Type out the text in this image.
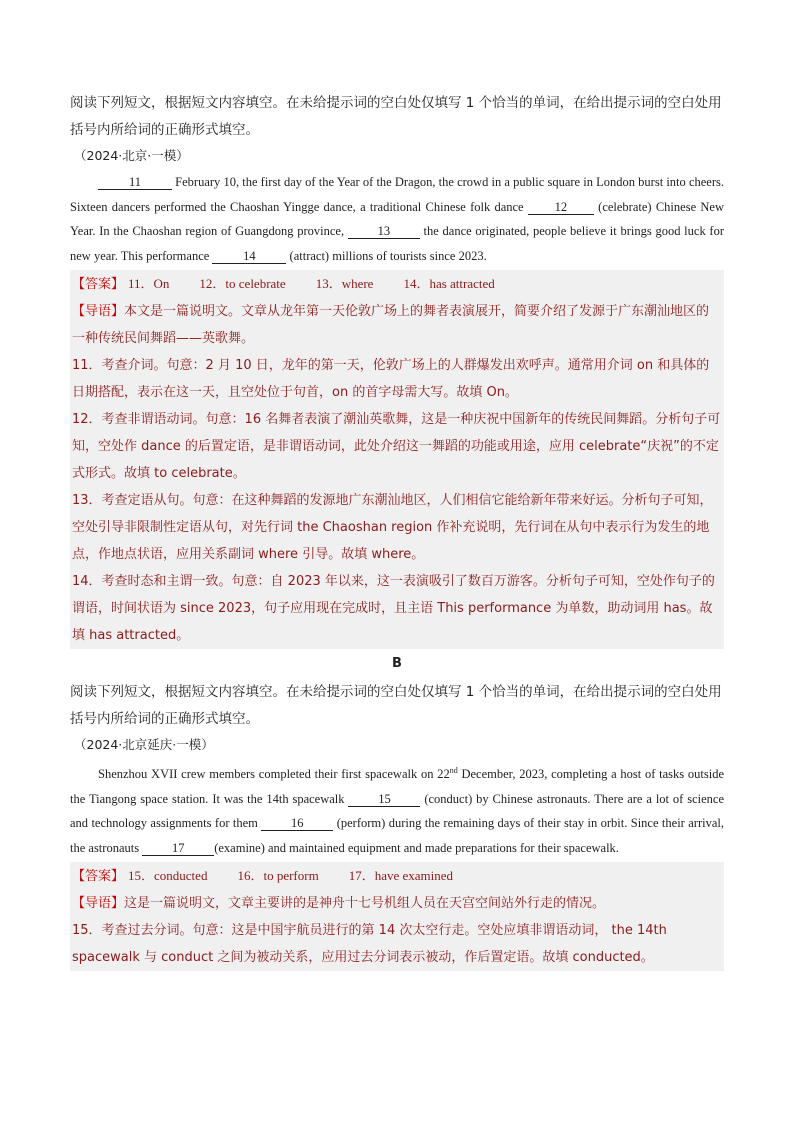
阅读下列短文，根据短文内容填空。在未给提示词的空白处仅填写 1 个恰当的单词，在给出提示词的空白处用括号内所给词的正确形式填空。

（2024·北京·一模）

11 February 10, the first day of the Year of the Dragon, the crowd in a public square in London burst into cheers. Sixteen dancers performed the Chaoshan Yingge dance, a traditional Chinese folk dance 12 (celebrate) Chinese New Year. In the Chaoshan region of Guangdong province, 13 the dance originated, people believe it brings good luck for new year. This performance 14 (attract) millions of tourists since 2023.

【答案】 11．On 12．to celebrate 13．where 14．has attracted

【导语】本文是一篇说明文。文章从龙年第一天伦敦广场上的舞者表演展开，简要介绍了发源于广东潮汕地区的一种传统民间舞蹈——英歌舞。

11．考查介词。句意：2 月 10 日，龙年的第一天，伦敦广场上的人群爆发出欢呼声。通常用介词 on 和具体的日期搭配，表示在这一天，且空处位于句首，on 的首字母需大写。故填 On。

12．考查非谓语动词。句意：16 名舞者表演了潮汕英歌舞，这是一种庆祝中国新年的传统民间舞蹈。分析句子可知，空处作 dance 的后置定语，是非谓语动词，此处介绍这一舞蹈的功能或用途，应用 celebrate“庆祝”的不定式形式。故填 to celebrate。

13．考查定语从句。句意：在这种舞蹈的发源地广东潮汕地区，人们相信它能给新年带来好运。分析句子可知，空处引导非限制性定语从句，对先行词 the Chaoshan region 作补充说明，先行词在从句中表示行为发生的地点，作地点状语，应用关系副词 where 引导。故填 where。

14．考查时态和主谓一致。句意：自 2023 年以来，这一表演吸引了数百万游客。分析句子可知，空处作句子的谓语，时间状语为 since 2023，句子应用现在完成时，且主语 This performance 为单数，助动词用 has。故填 has attracted。

B

阅读下列短文，根据短文内容填空。在未给提示词的空白处仅填写 1 个恰当的单词，在给出提示词的空白处用括号内所给词的正确形式填空。

（2024·北京延庆·一模）

Shenzhou XVII crew members completed their first spacewalk on 22nd December, 2023, completing a host of tasks outside the Tiangong space station. It was the 14th spacewalk 15 (conduct) by Chinese astronauts. There are a lot of science and technology assignments for them 16 (perform) during the remaining days of their stay in orbit. Since their arrival, the astronauts 17 (examine) and maintained equipment and made preparations for their spacewalk.

【答案】 15．conducted 16．to perform 17．have examined

【导语】这是一篇说明文，文章主要讲的是神舟十七号机组人员在天宫空间站外行走的情况。

15．考查过去分词。句意：这是中国宇航员进行的第 14 次太空行走。空处应填非谓语动词， the 14th spacewalk 与 conduct 之间为被动关系，应用过去分词表示被动，作后置定语。故填 conducted。
